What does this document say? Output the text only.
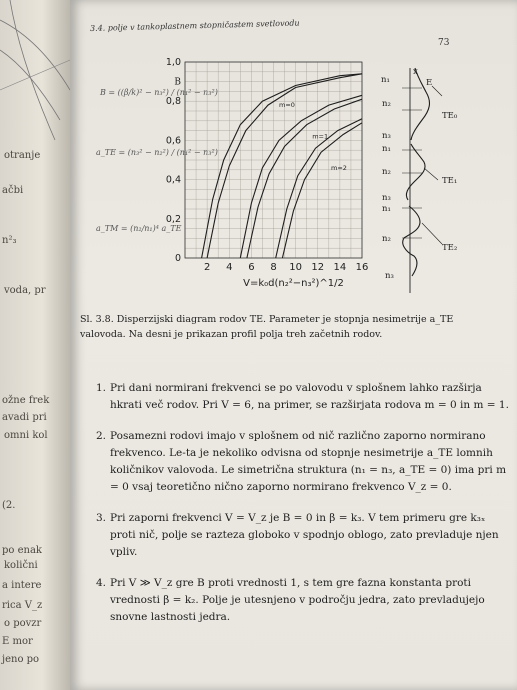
otranje
ačbi
n²₃
voda, pr
ožne frek
avadi pri
omni kol
(2.
po enak
količni
a intere
rica V_z
o povzr
E mor
jeno po
3.4. polje v tankoplastnem stopničastem svetlovodu
73
B = ((β/k)² − n₃²) / (n₁² − n₃²)
a_TE = (n₃² − n₂²) / (n₁² − n₃²)
a_TM = (n₂/n₁)⁴ a_TE
2 4 6 8 10 12 14 16
0
0,2
0,4
0,6
0,8
1,0
B
V=k₀d(n₂²−n₃²)^1/2
m=0
m=1
m=2
n₁
x
E
n₂
TE₀
n₃
n₁
n₂
TE₁
n₃
n₁
n₂
TE₂
n₃
Sl. 3.8. Disperzijski diagram rodov TE. Parameter je stopnja nesimetrije a_TE valovoda. Na desni je prikazan profil polja treh začetnih rodov.
1. Pri dani normirani frekvenci se po valovodu v splošnem lahko razširja hkrati več rodov. Pri V = 6, na primer, se razširjata rodova m = 0 in m = 1.
2. Posamezni rodovi imajo v splošnem od nič različno zaporno normirano frekvenco. Le-ta je nekoliko odvisna od stopnje nesimetrije a_TE lomnih količnikov valovoda. Le simetrična struktura (n₁ = n₃, a_TE = 0) ima pri m = 0 vsaj teoretično nično zaporno normirano frekvenco V_z = 0.
3. Pri zaporni frekvenci V = V_z je B = 0 in β = k₃. V tem primeru gre k₃ₓ proti nič, polje se razteza globoko v spodnjo oblogo, zato prevladuje njen vpliv.
4. Pri V ≫ V_z gre B proti vrednosti 1, s tem gre fazna konstanta proti vrednosti β = k₂. Polje je utesnjeno v področju jedra, zato prevladujejo snovne lastnosti jedra.
